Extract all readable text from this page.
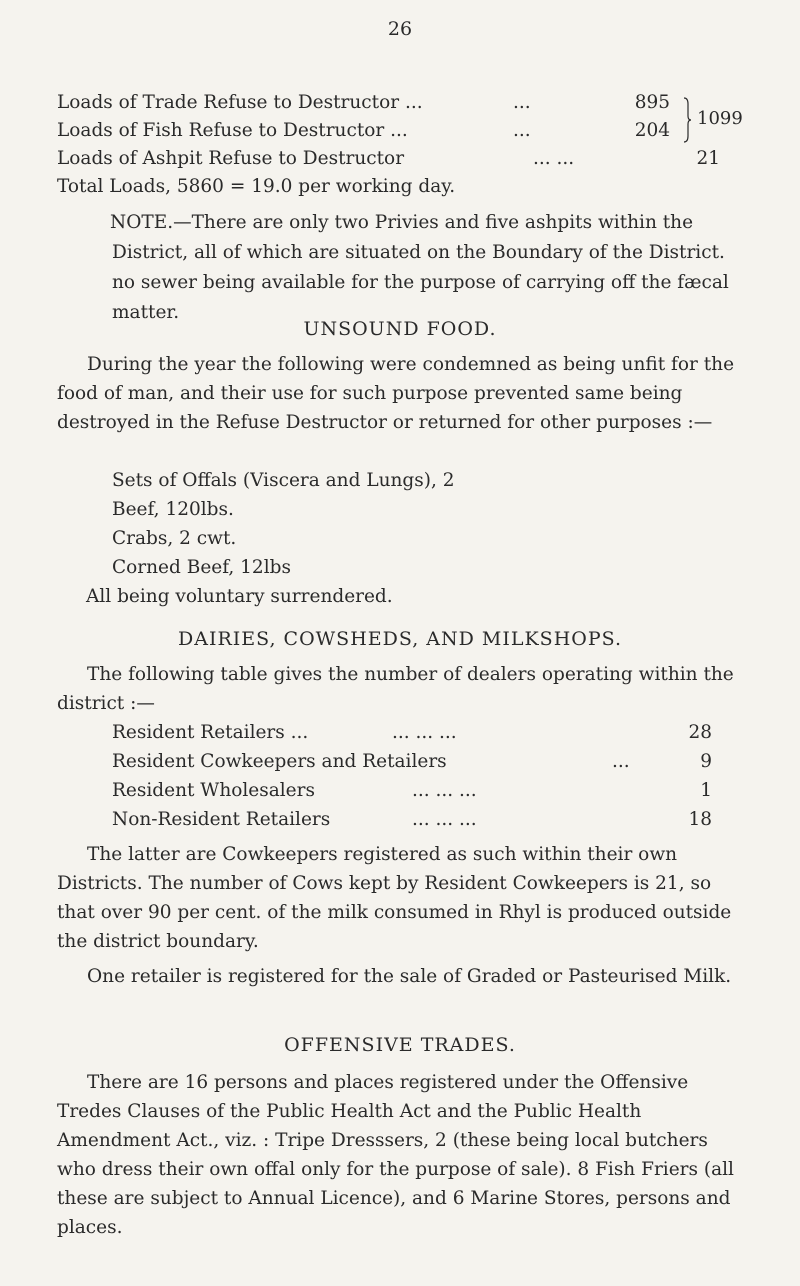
26
Loads of Trade Refuse to Destructor ...	...	895
Loads of Fish Refuse to Destructor ...	...	204
1099
Loads of Ashpit Refuse to Destructor	... ...	21
Total Loads, 5860 = 19.0 per working day.
NOTE.—There are only two Privies and five ashpits within the District, all of which are situated on the Boundary of the District. no sewer being available for the purpose of carrying off the fæcal matter.
UNSOUND FOOD.
During the year the following were condemned as being unfit for the food of man, and their use for such purpose prevented same being destroyed in the Refuse Destructor or returned for other purposes :—
Sets of Offals (Viscera and Lungs), 2
Beef, 120lbs.
Crabs, 2 cwt.
Corned Beef, 12lbs
All being voluntary surrendered.
DAIRIES, COWSHEDS, AND MILKSHOPS.
The following table gives the number of dealers operating within the district :—
Resident Retailers ...	... ... ...	28
Resident Cowkeepers and Retailers	...	9
Resident Wholesalers	... ... ...	1
Non-Resident Retailers	... ... ...	18
The latter are Cowkeepers registered as such within their own Districts. The number of Cows kept by Resident Cowkeepers is 21, so that over 90 per cent. of the milk consumed in Rhyl is produced outside the district boundary.
One retailer is registered for the sale of Graded or Pasteurised Milk.
OFFENSIVE TRADES.
There are 16 persons and places registered under the Offensive Tredes Clauses of the Public Health Act and the Public Health Amendment Act., viz. : Tripe Dresssers, 2 (these being local butchers who dress their own offal only for the purpose of sale). 8 Fish Friers (all these are subject to Annual Licence), and 6 Marine Stores, persons and places.
